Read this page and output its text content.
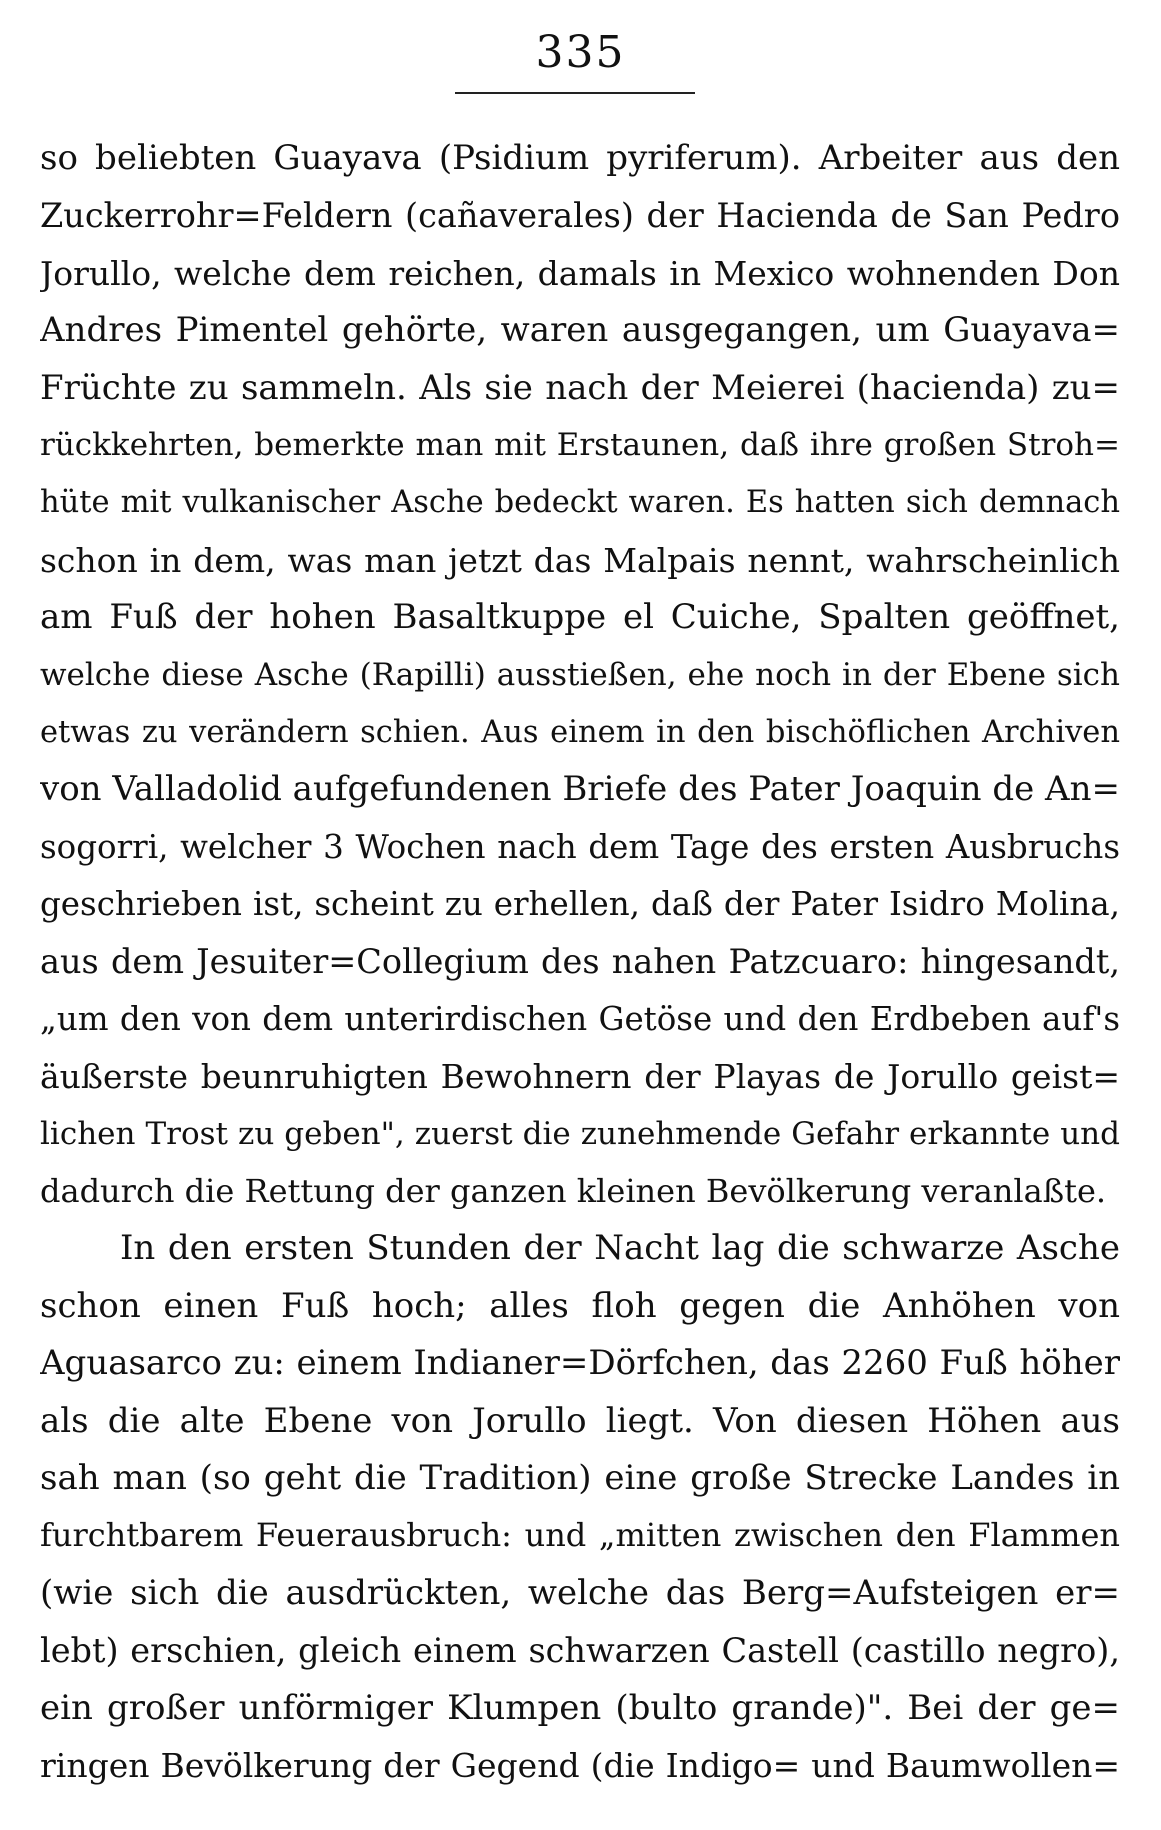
335
so beliebten Guayava (Psidium pyriferum). Arbeiter aus den
Zuckerrohr=Feldern (cañaverales) der Hacienda de San Pedro
Jorullo, welche dem reichen, damals in Mexico wohnenden Don
Andres Pimentel gehörte, waren ausgegangen, um Guayava=
Früchte zu sammeln. Als sie nach der Meierei (hacienda) zu=
rückkehrten, bemerkte man mit Erstaunen, daß ihre großen Stroh=
hüte mit vulkanischer Asche bedeckt waren. Es hatten sich demnach
schon in dem, was man jetzt das Malpais nennt, wahrscheinlich
am Fuß der hohen Basaltkuppe el Cuiche, Spalten geöffnet,
welche diese Asche (Rapilli) ausstießen, ehe noch in der Ebene sich
etwas zu verändern schien. Aus einem in den bischöflichen Archiven
von Valladolid aufgefundenen Briefe des Pater Joaquin de An=
sogorri, welcher 3 Wochen nach dem Tage des ersten Ausbruchs
geschrieben ist, scheint zu erhellen, daß der Pater Isidro Molina,
aus dem Jesuiter=Collegium des nahen Patzcuaro: hingesandt,
„um den von dem unterirdischen Getöse und den Erdbeben auf's
äußerste beunruhigten Bewohnern der Playas de Jorullo geist=
lichen Trost zu geben", zuerst die zunehmende Gefahr erkannte und
dadurch die Rettung der ganzen kleinen Bevölkerung veranlaßte.
In den ersten Stunden der Nacht lag die schwarze Asche
schon einen Fuß hoch; alles floh gegen die Anhöhen von
Aguasarco zu: einem Indianer=Dörfchen, das 2260 Fuß höher
als die alte Ebene von Jorullo liegt. Von diesen Höhen aus
sah man (so geht die Tradition) eine große Strecke Landes in
furchtbarem Feuerausbruch: und „mitten zwischen den Flammen
(wie sich die ausdrückten, welche das Berg=Aufsteigen er=
lebt) erschien, gleich einem schwarzen Castell (castillo negro),
ein großer unförmiger Klumpen (bulto grande)". Bei der ge=
ringen Bevölkerung der Gegend (die Indigo= und Baumwollen=
